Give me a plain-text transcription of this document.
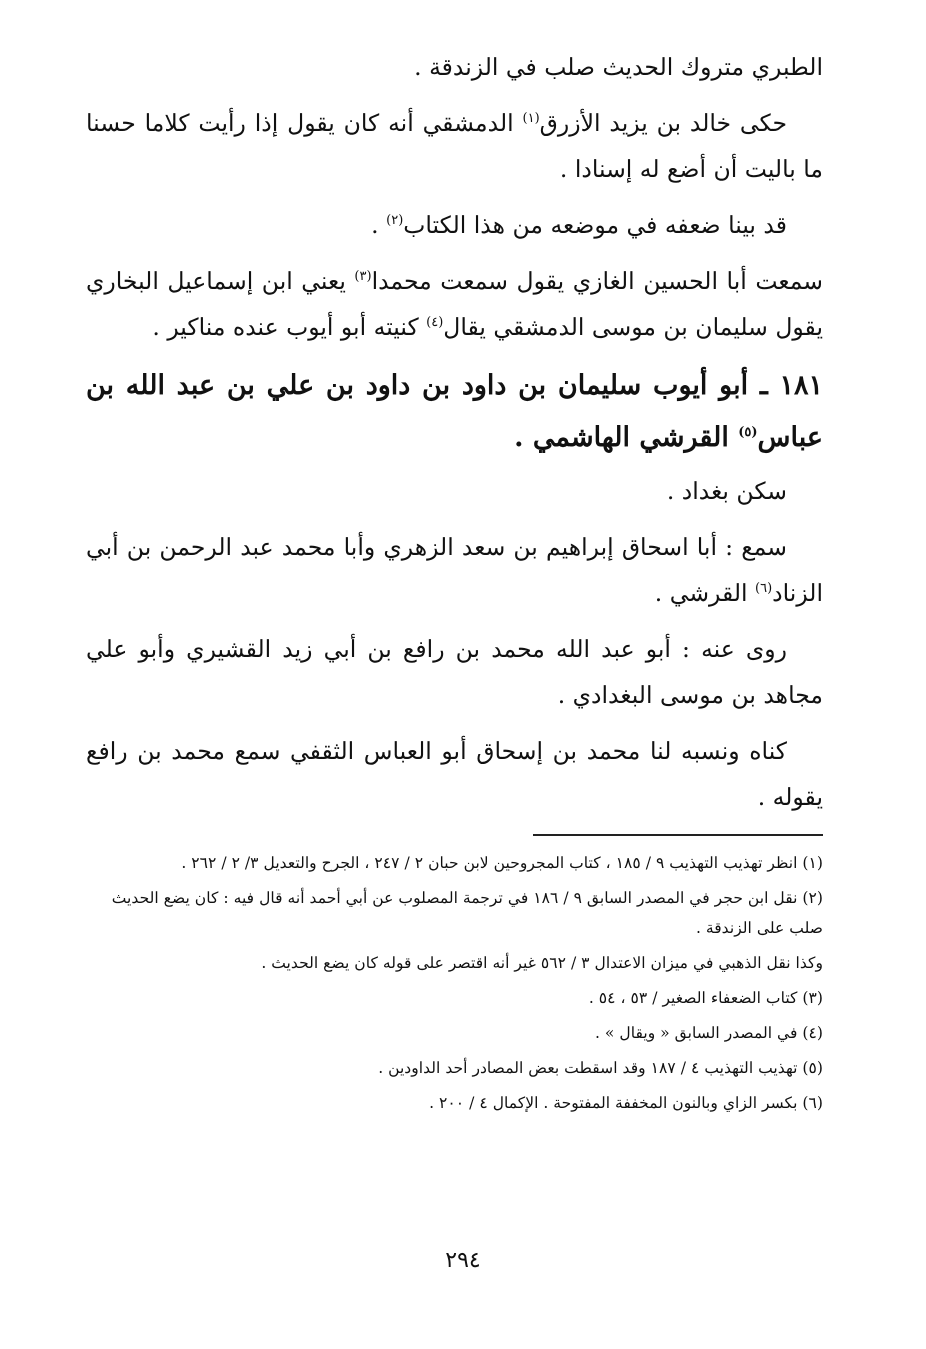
الطبري متروك الحديث صلب في الزندقة .

حكى خالد بن يزيد الأزرق$^{(١)}$ الدمشقي أنه كان يقول إذا رأيت كلاما حسنا ما باليت أن أضع له إسنادا .

قد بينا ضعفه في موضعه من هذا الكتاب$^{(٢)}$ .

سمعت أبا الحسين الغازي يقول سمعت محمدا$^{(٣)}$ يعني ابن إسماعيل البخاري يقول سليمان بن موسى الدمشقي يقال$^{(٤)}$ كنيته أبو أيوب عنده مناكير .

١٨١ ـ أبو أيوب سليمان بن داود بن داود بن علي بن عبد الله بن عباس$^{(٥)}$ القرشي الهاشمي .

سكن بغداد .

سمع : أبا اسحاق إبراهيم بن سعد الزهري وأبا محمد عبد الرحمن بن أبي الزناد$^{(٦)}$ القرشي .

روى عنه : أبو عبد الله محمد بن رافع بن أبي زيد القشيري وأبو علي مجاهد بن موسى البغدادي .

كناه ونسبه لنا محمد بن إسحاق أبو العباس الثقفي سمع محمد بن رافع يقوله .

(١) انظر تهذيب التهذيب ٩ / ١٨٥ ، كتاب المجروحين لابن حبان ٢ / ٢٤٧ ، الجرح والتعديل ٣/ ٢ / ٢٦٢ .

(٢) نقل ابن حجر في المصدر السابق ٩ / ١٨٦ في ترجمة المصلوب عن أبي أحمد أنه قال فيه : كان يضع الحديث صلب على الزندقة .

وكذا نقل الذهبي في ميزان الاعتدال ٣ / ٥٦٢ غير أنه اقتصر على قوله كان يضع الحديث .

(٣) كتاب الضعفاء الصغير / ٥٣ ، ٥٤ .

(٤) في المصدر السابق « ويقال » .

(٥) تهذيب التهذيب ٤ / ١٨٧ وقد اسقطت بعض المصادر أحد الداودين .

(٦) بكسر الزاي وبالنون المخففة المفتوحة . الإكمال ٤ / ٢٠٠ .

٢٩٤
